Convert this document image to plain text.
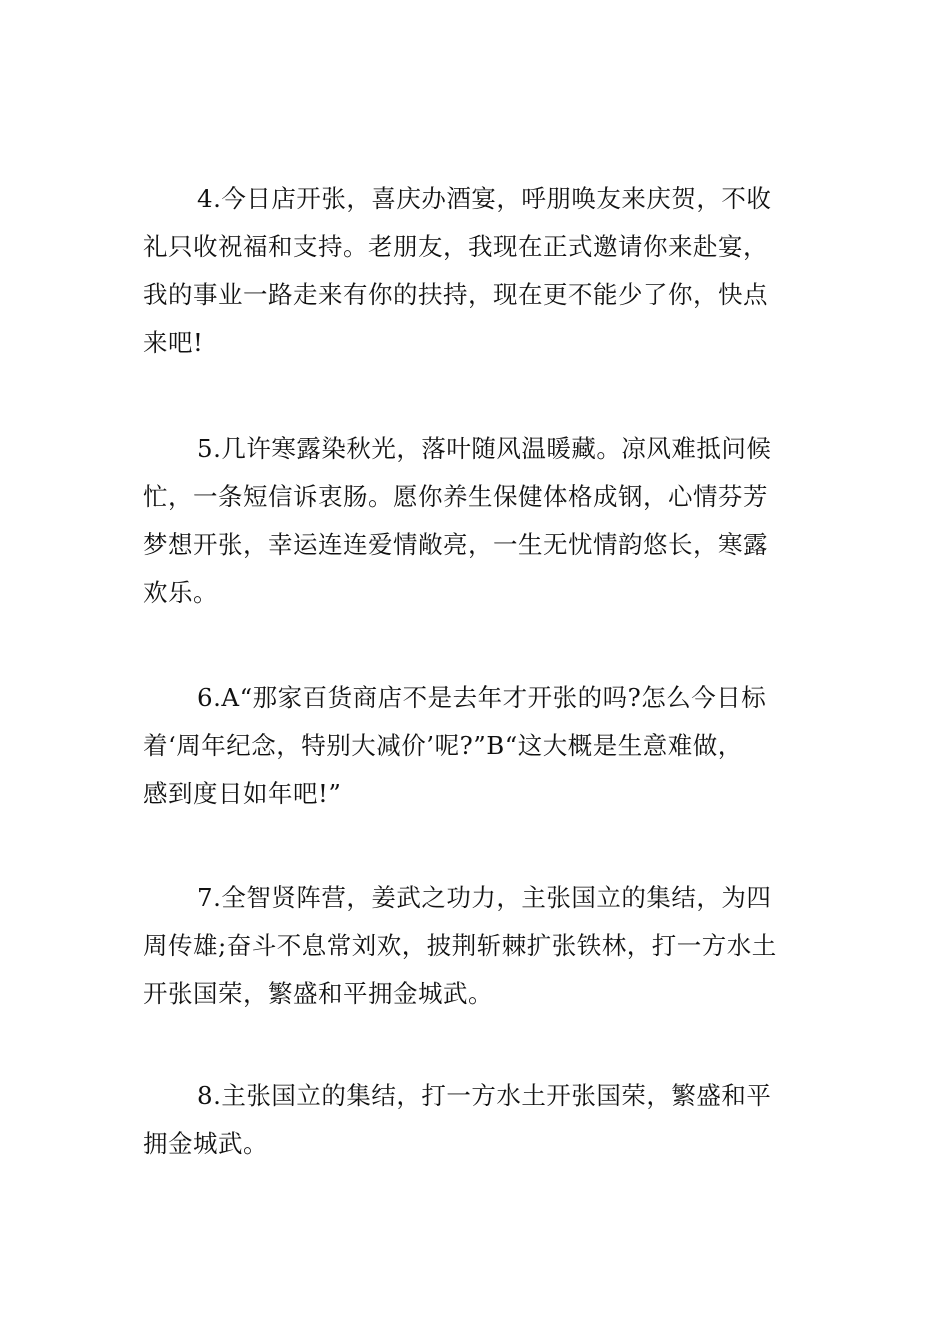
4.今日店开张，喜庆办酒宴，呼朋唤友来庆贺，不收
礼只收祝福和支持。老朋友，我现在正式邀请你来赴宴，
我的事业一路走来有你的扶持，现在更不能少了你，快点
来吧!

5.几许寒露染秋光，落叶随风温暖藏。凉风难抵问候
忙，一条短信诉衷肠。愿你养生保健体格成钢，心情芬芳
梦想开张，幸运连连爱情敞亮，一生无忧情韵悠长，寒露
欢乐。

6.A“那家百货商店不是去年才开张的吗?怎么今日标
着‘周年纪念，特别大减价’呢?”B“这大概是生意难做，
感到度日如年吧!”

7.全智贤阵营，姜武之功力，主张国立的集结，为四
周传雄;奋斗不息常刘欢，披荆斩棘扩张铁林，打一方水土
开张国荣，繁盛和平拥金城武。

8.主张国立的集结，打一方水土开张国荣，繁盛和平
拥金城武。
